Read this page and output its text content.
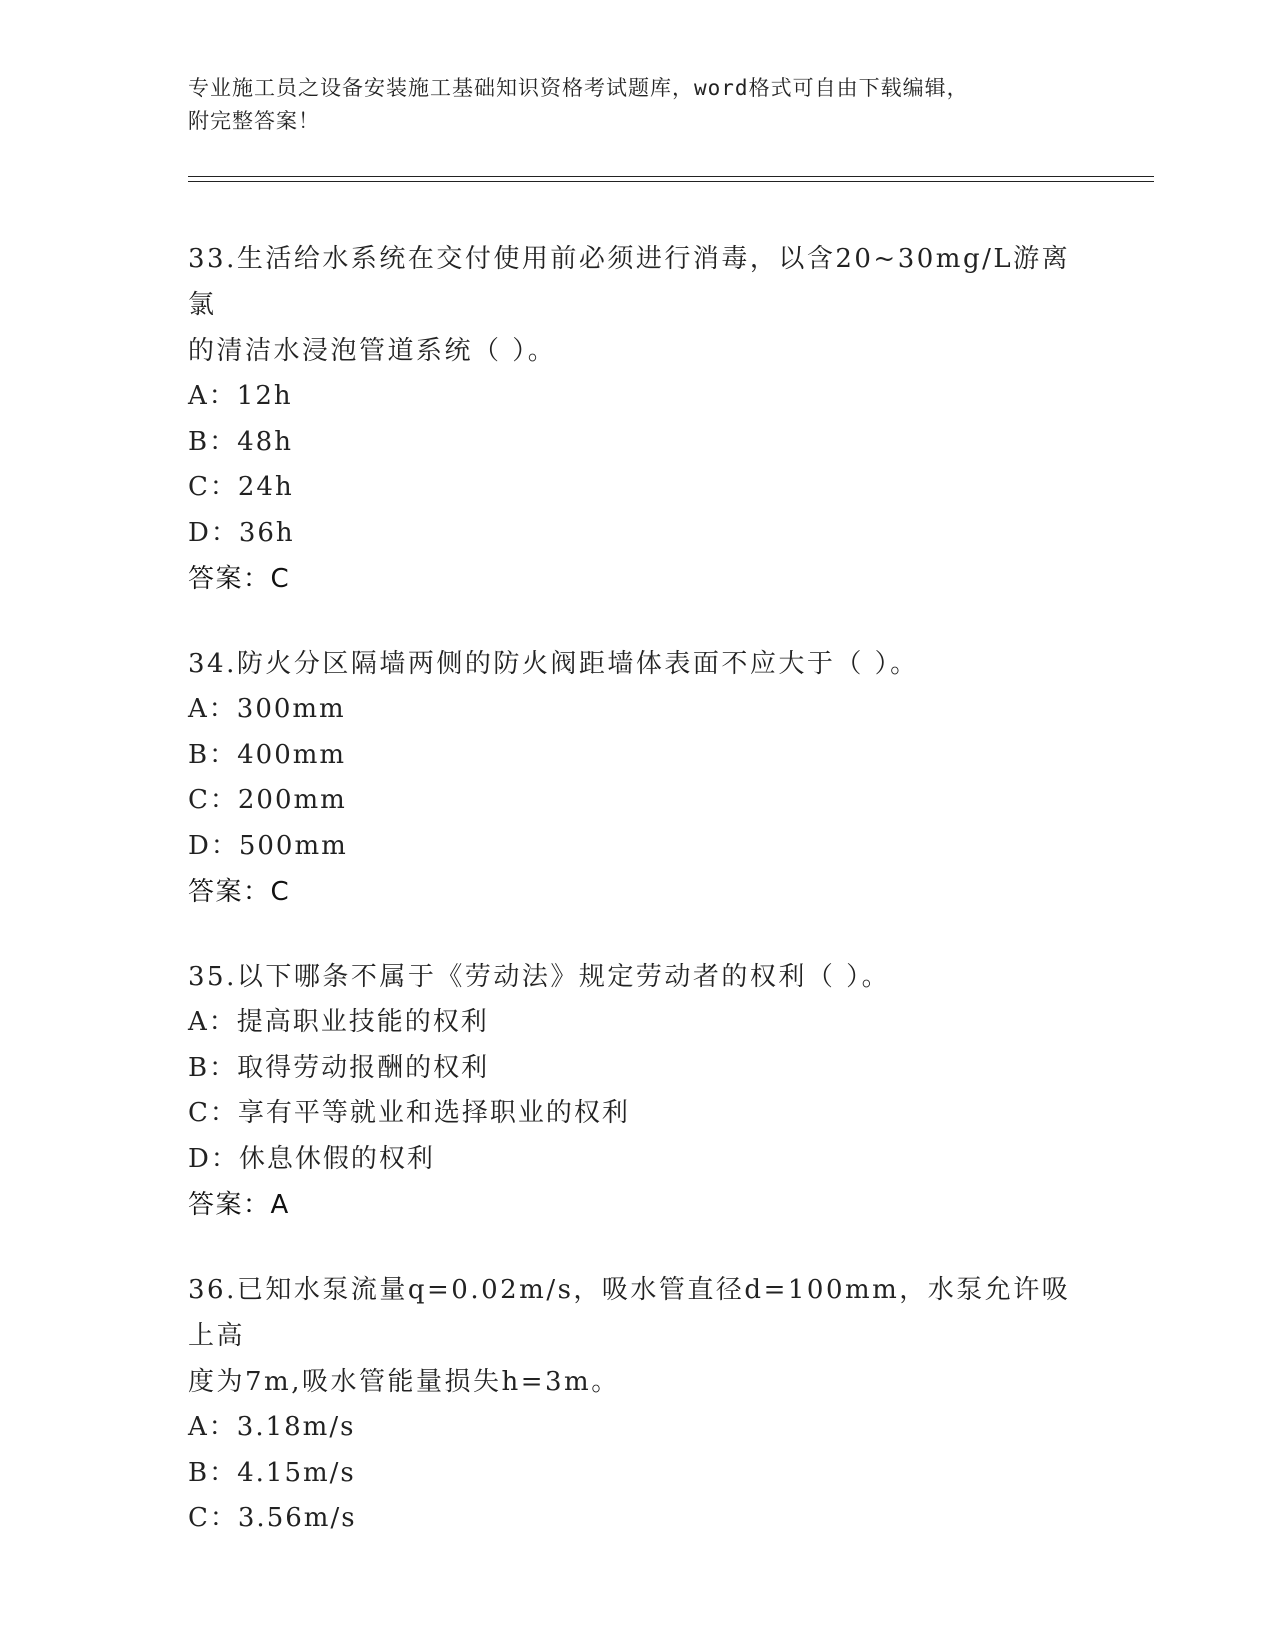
专业施工员之设备安装施工基础知识资格考试题库，word格式可自由下载编辑，
附完整答案！

33.生活给水系统在交付使用前必须进行消毒，以含20~30mg/L游离氯

的清洁水浸泡管道系统（ ）。

A：12h

B：48h

C：24h

D：36h

答案：C

34.防火分区隔墙两侧的防火阀距墙体表面不应大于（ ）。

A：300mm

B：400mm

C：200mm

D：500mm

答案：C

35.以下哪条不属于《劳动法》规定劳动者的权利（ ）。

A：提高职业技能的权利

B：取得劳动报酬的权利

C：享有平等就业和选择职业的权利

D：休息休假的权利

答案：A

36.已知水泵流量q=0.02m/s，吸水管直径d=100mm，水泵允许吸上高

度为7m,吸水管能量损失h=3m。

A：3.18m/s

B：4.15m/s

C：3.56m/s
